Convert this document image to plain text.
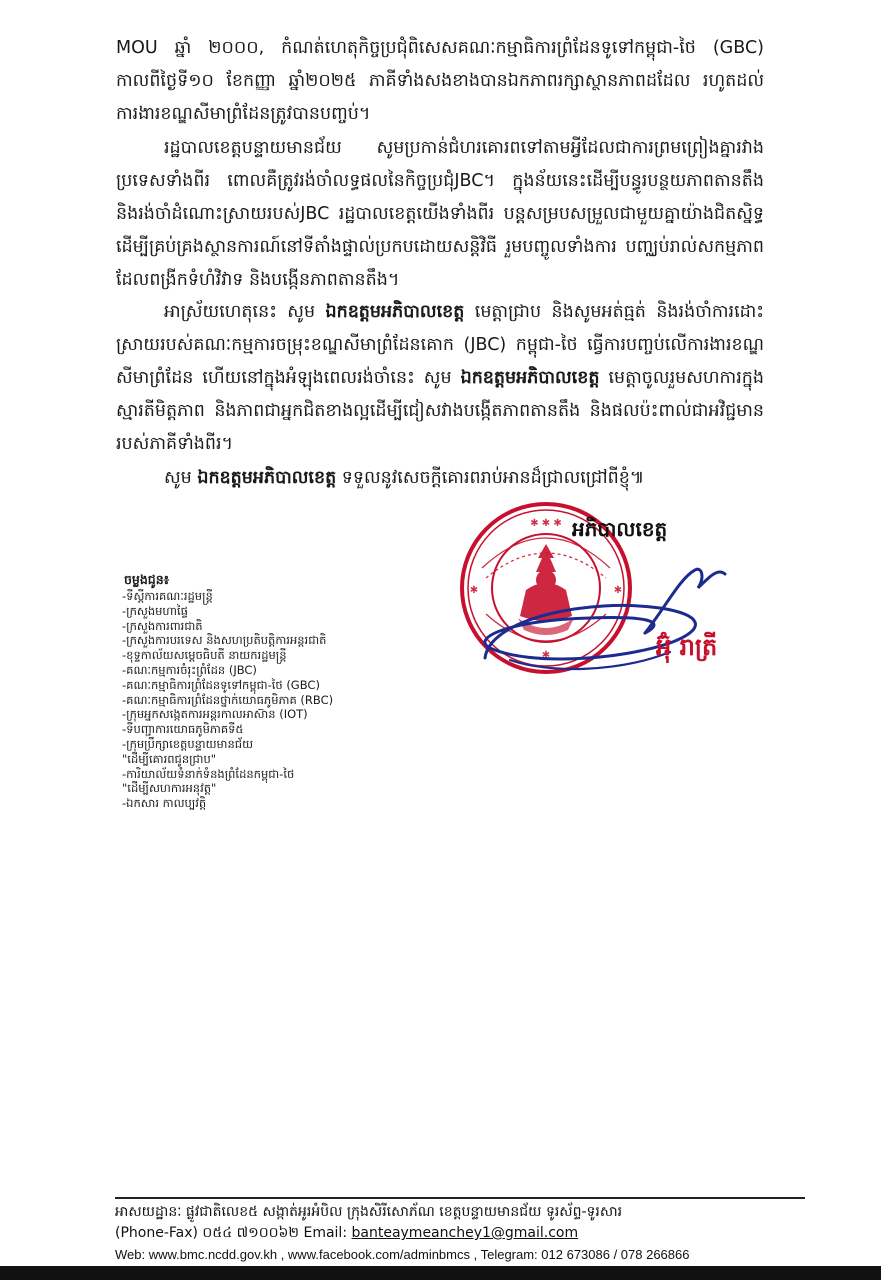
MOU ឆ្នាំ ២០០០, កំណត់ហេតុកិច្ចប្រជុំពិសេសគណៈកម្មាធិការព្រំដែនទូទៅកម្ពុជា-ថៃ (GBC) កាលពីថ្ងៃទី១០ ខែកញ្ញា ឆ្នាំ២០២៥ ភាគីទាំងសងខាងបានឯកភាពរក្សាស្ថានភាពដដែល រហូតដល់ការងារខណ្ឌសីមាព្រំដែនត្រូវបានបញ្ចប់។

រដ្ឋបាលខេត្តបន្ទាយមានជ័យ សូមប្រកាន់ជំហរគោរពទៅតាមអ្វីដែលជាការព្រមព្រៀងគ្នារវាងប្រទេសទាំងពីរ ពោលគឺត្រូវរង់ចាំលទ្ធផលនៃកិច្ចប្រជុំJBC។ ក្នុងន័យនេះដើម្បីបន្ធូរបន្ថយភាពតានតឹង និងរង់ចាំដំណោះស្រាយរបស់JBC រដ្ឋបាលខេត្តយើងទាំងពីរ បន្តសម្របសម្រួលជាមួយគ្នាយ៉ាងជិតស្និទ្ធដើម្បីគ្រប់គ្រងស្ថានការណ៍នៅទីតាំងផ្ទាល់ប្រកបដោយសន្តិវិធី រួមបញ្ចូលទាំងការ បញ្ឈប់រាល់សកម្មភាពដែលពង្រីកទំហំវិវាទ និងបង្កើនភាពតានតឹង។

អាស្រ័យហេតុនេះ សូម ឯកឧត្តមអភិបាលខេត្ត មេត្តាជ្រាប និងសូមអត់ធ្មត់ និងរង់ចាំការដោះស្រាយរបស់គណៈកម្មការចម្រុះខណ្ឌសីមាព្រំដែនគោក (JBC) កម្ពុជា-ថៃ ធ្វើការបញ្ចប់លើការងារខណ្ឌសីមាព្រំដែន ហើយនៅក្នុងអំឡុងពេលរង់ចាំនេះ សូម ឯកឧត្តមអភិបាលខេត្ត មេត្តាចូលរួមសហការក្នុងស្មារតីមិត្តភាព និងភាពជាអ្នកជិតខាងល្អដើម្បីជៀសវាងបង្កើតភាពតានតឹង និងផលប៉ះពាល់ជាអវិជ្ជមានរបស់ភាគីទាំងពីរ។

សូម ឯកឧត្តមអភិបាលខេត្ត ទទួលនូវសេចក្តីគោរពរាប់អានដ៏ជ្រាលជ្រៅពីខ្ញុំ៕

✱ ✱ ✱
✱
✱	✱
អភិបាលខេត្ត
អ៊ុំ រាត្រី
ចម្លងជូន៖
-ទីស្តីការគណៈរដ្ឋមន្ត្រី
-ក្រសួងមហាផ្ទៃ
-ក្រសួងការពារជាតិ
-ក្រសួងការបរទេស និងសហប្រតិបត្តិការអន្តរជាតិ
-ខុទ្ទកាល័យសម្តេចធិបតី នាយករដ្ឋមន្ត្រី
-គណៈកម្មការចំរុះព្រំដែន (JBC)
-គណៈកម្មាធិការព្រំដែនទូទៅកម្ពុជា-ថៃ (GBC)
-គណៈកម្មាធិការព្រំដែនថ្នាក់យោធភូមិភាគ (RBC)
-ក្រុមអ្នកសង្កេតការអន្តរកាលអាស៊ាន (IOT)
-ទីបញ្ជាការយោធភូមិភាគទី៥
-ក្រុមប្រឹក្សាខេត្តបន្ទាយមានជ័យ
"ដើម្បីគោរពជូនជ្រាប"
-ការិយាល័យទំនាក់ទំនងព្រំដែនកម្ពុជា-ថៃ
"ដើម្បីសហការអនុវត្ត"
-ឯកសារ កាលប្បវត្តិ
អាសយដ្ឋានៈ ផ្លូវជាតិលេខ៥ សង្កាត់អូរអំបិល ក្រុងសិរីសោភ័ណ ខេត្តបន្ទាយមានជ័យ ទូរស័ព្ទ-ទូរសារ
(Phone-Fax) ០៥៤ ៧១០០៦២ Email: banteaymeanchey1@gmail.com
Web: www.bmc.ncdd.gov.kh , www.facebook.com/adminbmcs , Telegram: 012 673086 / 078 266866
